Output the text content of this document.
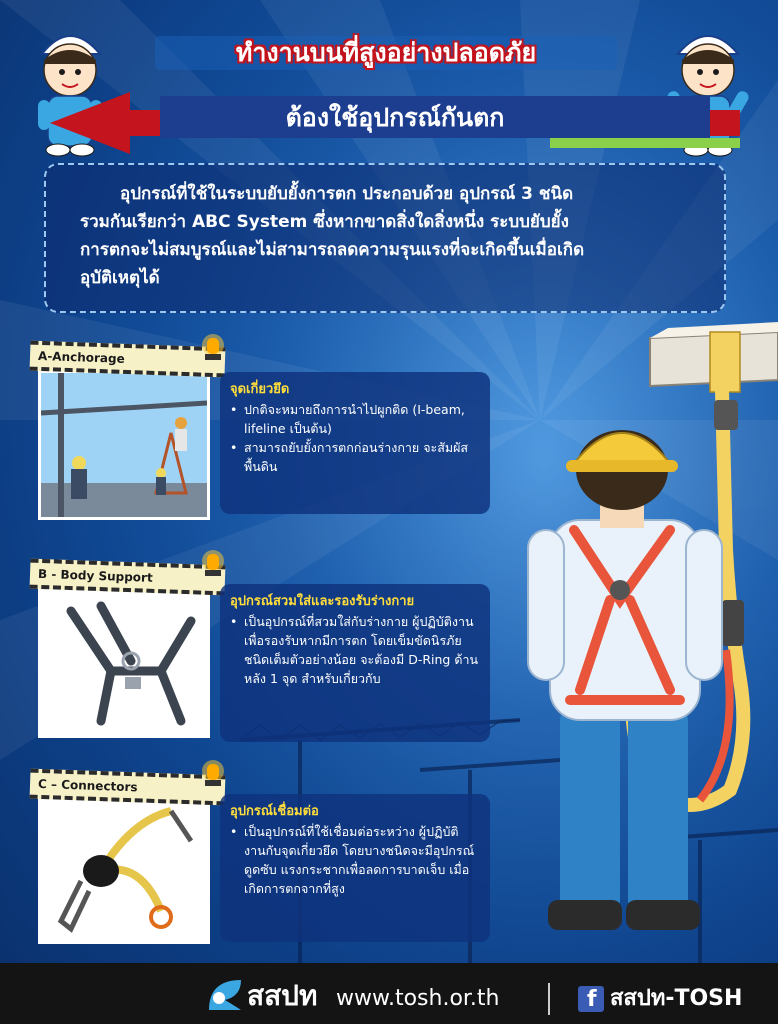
ทำงานบนที่สูงอย่างปลอดภัย
ต้องใช้อุปกรณ์กันตก
อุปกรณ์ที่ใช้ในระบบยับยั้งการตก ประกอบด้วย อุปกรณ์ 3 ชนิด
รวมกันเรียกว่า ABC System ซึ่งหากขาดสิ่งใดสิ่งหนึ่ง ระบบยับยั้ง
การตกจะไม่สมบูรณ์และไม่สามารถลดความรุนแรงที่จะเกิดขึ้นเมื่อเกิด
อุบัติเหตุได้
A-Anchorage
จุดเกี่ยวยึด
• ปกติจะหมายถึงการนำไปผูกติด (I-beam, lifeline เป็นต้น)
• สามารถยับยั้งการตกก่อนร่างกาย จะสัมผัสพื้นดิน
B - Body Support
อุปกรณ์สวมใส่และรองรับร่างกาย
• เป็นอุปกรณ์ที่สวมใส่กับร่างกาย ผู้ปฏิบัติงานเพื่อรองรับหากมีการตก โดยเข็มขัดนิรภัยชนิดเต็มตัวอย่างน้อย จะต้องมี D-Ring ด้านหลัง 1 จุด สำหรับเกี่ยวกับ
C – Connectors
อุปกรณ์เชื่อมต่อ
• เป็นอุปกรณ์ที่ใช้เชื่อมต่อระหว่าง ผู้ปฏิบัติงานกับจุดเกี่ยวยึด โดยบางชนิดจะมีอุปกรณ์ดูดซับ แรงกระชากเพื่อลดการบาดเจ็บ เมื่อเกิดการตกจากที่สูง
สสปท www.tosh.or.th	f สสปท-TOSH
